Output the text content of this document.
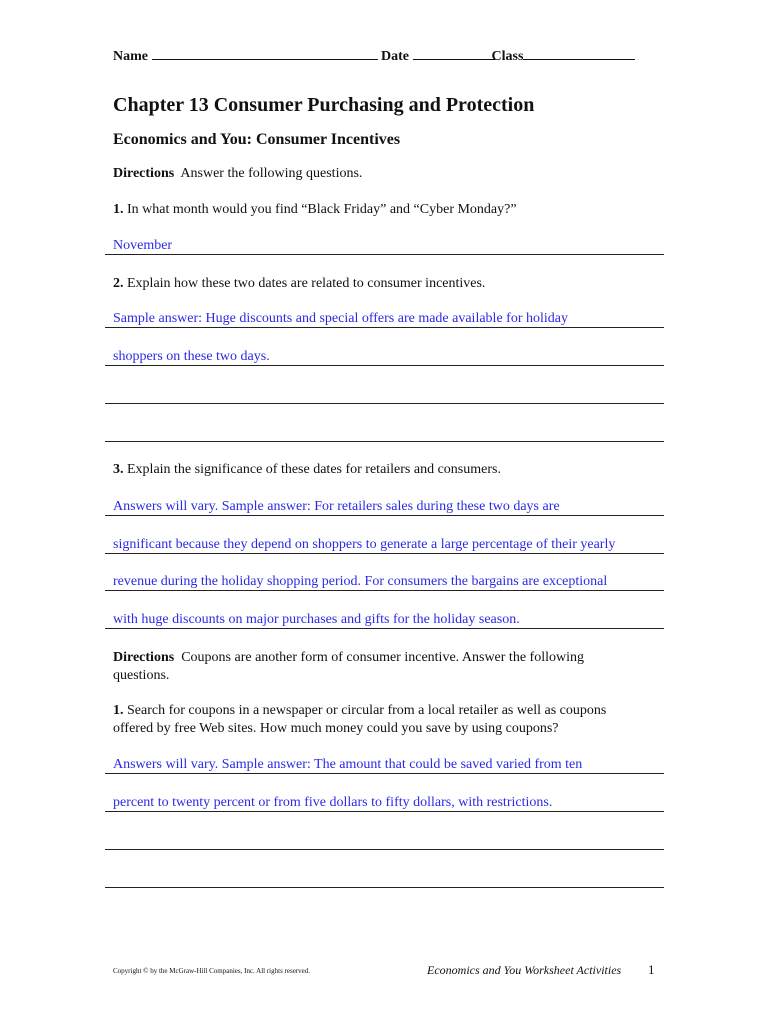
Name	Date	Class
Chapter 13 Consumer Purchasing and Protection
Economics and You: Consumer Incentives
Directions Answer the following questions.
1. In what month would you find “Black Friday” and “Cyber Monday?”
November
2. Explain how these two dates are related to consumer incentives.
Sample answer: Huge discounts and special offers are made available for holiday
shoppers on these two days.
3. Explain the significance of these dates for retailers and consumers.
Answers will vary. Sample answer: For retailers sales during these two days are
significant because they depend on shoppers to generate a large percentage of their yearly
revenue during the holiday shopping period. For consumers the bargains are exceptional
with huge discounts on major purchases and gifts for the holiday season.
Directions Coupons are another form of consumer incentive. Answer the following questions.
1. Search for coupons in a newspaper or circular from a local retailer as well as coupons offered by free Web sites. How much money could you save by using coupons?
Answers will vary. Sample answer: The amount that could be saved varied from ten
percent to twenty percent or from five dollars to fifty dollars, with restrictions.
Copyright © by the McGraw-Hill Companies, Inc. All rights reserved.	Economics and You Worksheet Activities 1
